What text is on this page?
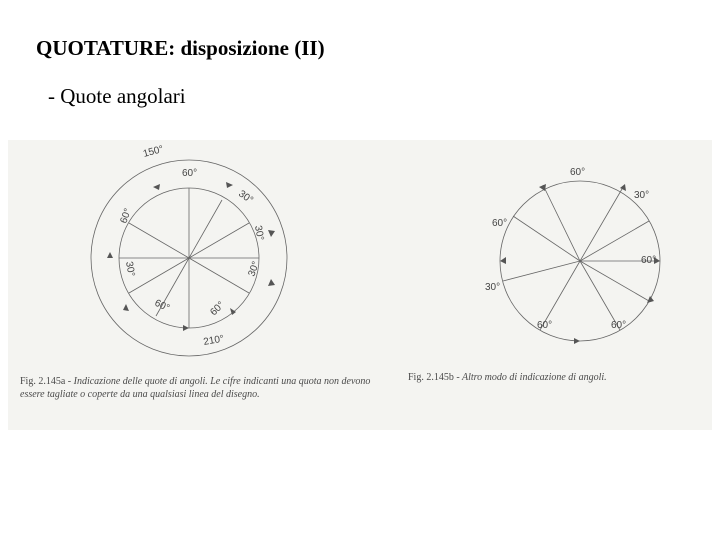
QUOTATURE: disposizione (II)
- Quote angolari
150°
60°
60°
30°
30°
30°	30°
60°	60°
210°
60°
30°
60°
60°
30°
60°	60°
Fig. 2.145a - Indicazione delle quote di angoli. Le cifre indicanti una quota non devono essere tagliate o coperte da una qualsiasi linea del disegno.
Fig. 2.145b - Altro modo di indicazione di angoli.
